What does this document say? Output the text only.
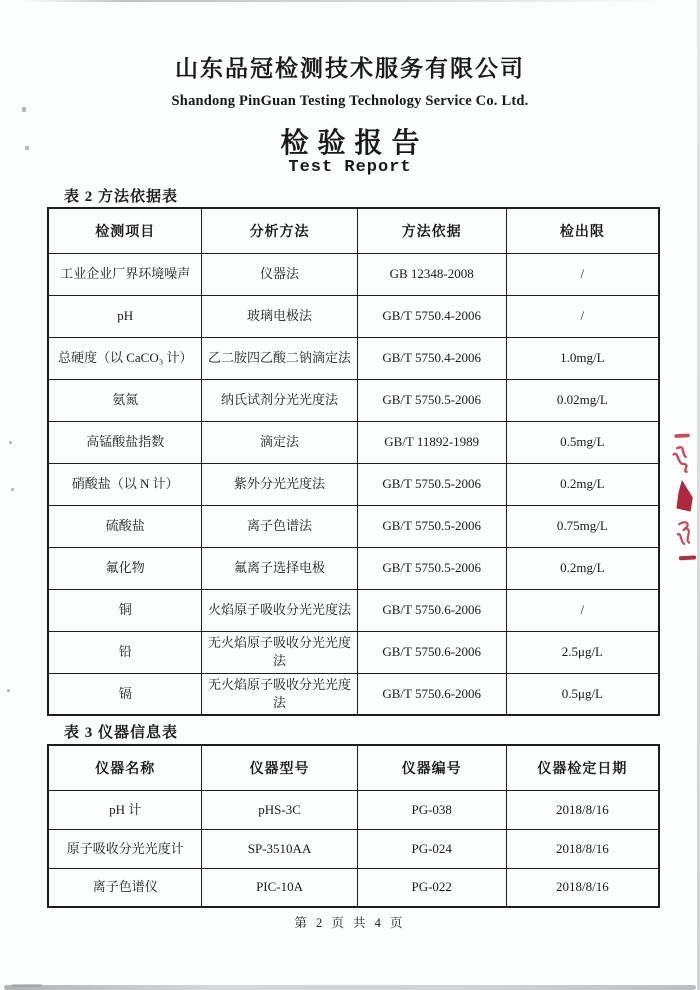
山东品冠检测技术服务有限公司
Shandong PinGuan Testing Technology Service Co. Ltd.
检验报告
Test Report
表 2 方法依据表
检测项目	分析方法	方法依据	检出限
工业企业厂界环境噪声	仪器法	GB 12348-2008	/
pH	玻璃电极法	GB/T 5750.4-2006	/
总硬度（以 CaCO₃ 计）	乙二胺四乙酸二钠滴定法	GB/T 5750.4-2006	1.0mg/L
氨氮	纳氏试剂分光光度法	GB/T 5750.5-2006	0.02mg/L
高锰酸盐指数	滴定法	GB/T 11892-1989	0.5mg/L
硝酸盐（以 N 计）	紫外分光光度法	GB/T 5750.5-2006	0.2mg/L
硫酸盐	离子色谱法	GB/T 5750.5-2006	0.75mg/L
氟化物	氟离子选择电极	GB/T 5750.5-2006	0.2mg/L
铜	火焰原子吸收分光光度法	GB/T 5750.6-2006	/
铅	无火焰原子吸收分光光度法	GB/T 5750.6-2006	2.5μg/L
镉	无火焰原子吸收分光光度法	GB/T 5750.6-2006	0.5μg/L
表 3 仪器信息表
仪器名称	仪器型号	仪器编号	仪器检定日期
pH 计	pHS-3C	PG-038	2018/8/16
原子吸收分光光度计	SP-3510AA	PG-024	2018/8/16
离子色谱仪	PIC-10A	PG-022	2018/8/16
第 2 页 共 4 页
